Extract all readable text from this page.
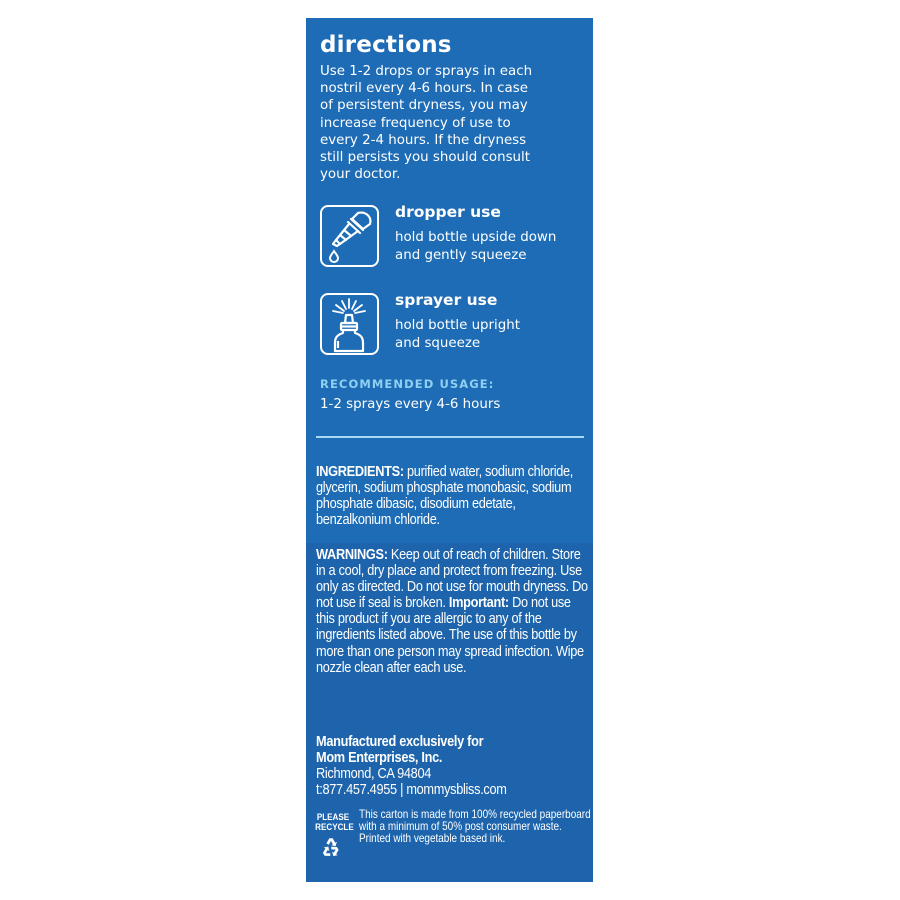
directions

Use 1-2 drops or sprays in each
nostril every 4-6 hours. In case
of persistent dryness, you may
increase frequency of use to
every 2-4 hours. If the dryness
still persists you should consult
your doctor.

dropper use

hold bottle upside down
and gently squeeze

sprayer use

hold bottle upright
and squeeze

RECOMMENDED USAGE:

1-2 sprays every 4-6 hours

INGREDIENTS: purified water, sodium chloride, glycerin, sodium phosphate monobasic, sodium phosphate dibasic, disodium edetate, benzalkonium chloride.

WARNINGS: Keep out of reach of children. Store in a cool, dry place and protect from freezing. Use only as directed. Do not use for mouth dryness. Do not use if seal is broken. Important: Do not use this product if you are allergic to any of the ingredients listed above. The use of this bottle by more than one person may spread infection. Wipe nozzle clean after each use.

Manufactured exclusively for
Mom Enterprises, Inc.
Richmond, CA 94804
t:877.457.4955 | mommysbliss.com
PLEASE
RECYCLE

This carton is made from 100% recycled paperboard with a minimum of 50% post consumer waste. Printed with vegetable based ink.
